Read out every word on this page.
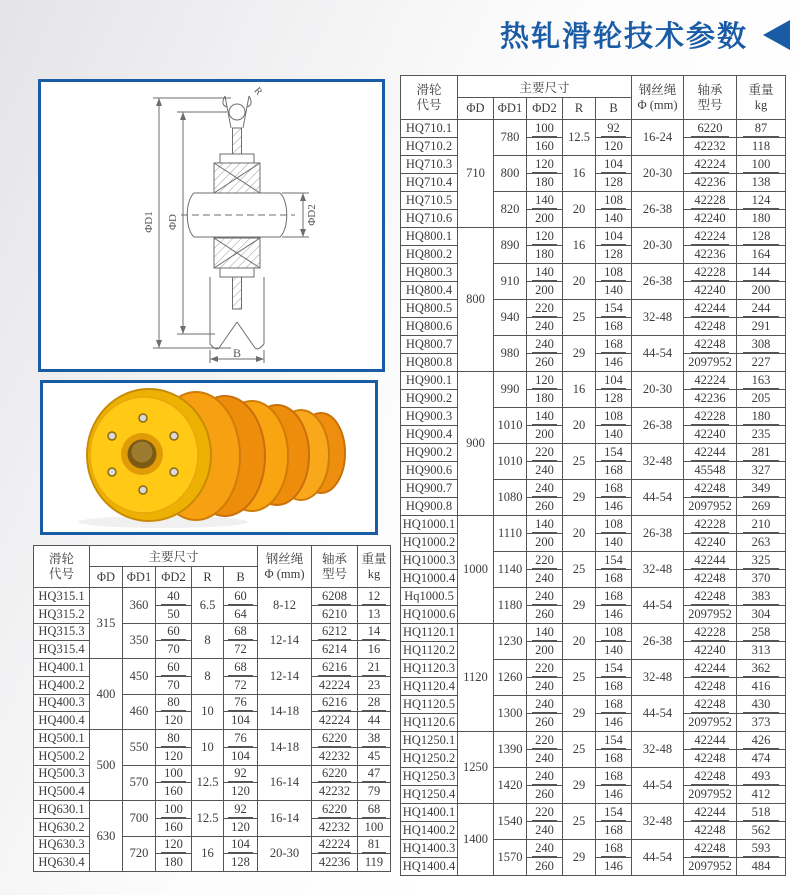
热轧滑轮技术参数
ΦD1 ΦD	ΦD2
R
B
滑轮
代号
	主要尺寸	钢丝绳
Φ (mm)

轴承
型号

重量
kg

	ΦD	ΦD1	ΦD2	R	B			
HQ315.1	315	360	40	6.5	60	8-12	6208	12
HQ315.2			50		64		6210	13
HQ315.3		350	60	8	68	12-14	6212	14
HQ315.4			70		72		6214	16
HQ400.1	400	450	60	8	68	12-14	6216	21
HQ400.2			70		72		42224	23
HQ400.3		460	80	10	76	14-18	6216	28
HQ400.4			120		104		42224	44
HQ500.1	500	550	80	10	76	14-18	6220	38
HQ500.2			120		104		42232	45
HQ500.3		570	100	12.5	92	16-14	6220	47
HQ500.4			160		120		42232	79
HQ630.1	630	700	100	12.5	92	16-14	6220	68
HQ630.2			160		120		42232	100
HQ630.3		720	120	16	104	20-30	42224	81
HQ630.4			180		128		42236	119
滑轮
代号
	主要尺寸	钢丝绳
Φ (mm)

轴承
型号

重量
kg

	ΦD	ΦD1	ΦD2	R	B			
HQ710.1	710	780	100	12.5	92	16-24	6220	87
HQ710.2			160		120		42232	118
HQ710.3		800	120	16	104	20-30	42224	100
HQ710.4			180		128		42236	138
HQ710.5		820	140	20	108	26-38	42228	124
HQ710.6			200		140		42240	180
HQ800.1	800	890	120	16	104	20-30	42224	128
HQ800.2			180		128		42236	164
HQ800.3		910	140	20	108	26-38	42228	144
HQ800.4			200		140		42240	200
HQ800.5		940	220	25	154	32-48	42244	244
HQ800.6			240		168		42248	291
HQ800.7		980	240	29	168	44-54	42248	308
HQ800.8			260		146		2097952	227
HQ900.1	900	990	120	16	104	20-30	42224	163
HQ900.2			180		128		42236	205
HQ900.3		1010	140	20	108	26-38	42228	180
HQ900.4			200		140		42240	235
HQ900.2		1010	220	25	154	32-48	42244	281
HQ900.6			240		168		45548	327
HQ900.7		1080	240	29	168	44-54	42248	349
HQ900.8			260		146		2097952	269
HQ1000.1	1000	1110	140	20	108	26-38	42228	210
HQ1000.2			200		140		42240	263
HQ1000.3		1140	220	25	154	32-48	42244	325
HQ1000.4			240		168		42248	370
Hq1000.5		1180	240	29	168	44-54	42248	383
HQ1000.6			260		146		2097952	304
HQ1120.1	1120	1230	140	20	108	26-38	42228	258
HQ1120.2			200		140		42240	313
HQ1120.3		1260	220	25	154	32-48	42244	362
HQ1120.4			240		168		42248	416
HQ1120.5		1300	240	29	168	44-54	42248	430
HQ1120.6			260		146		2097952	373
HQ1250.1	1250	1390	220	25	154	32-48	42244	426
HQ1250.2			240		168		42248	474
HQ1250.3		1420	240	29	168	44-54	42248	493
HQ1250.4			260		146		2097952	412
HQ1400.1	1400	1540	220	25	154	32-48	42244	518
HQ1400.2			240		168		42248	562
HQ1400.3		1570	240	29	168	44-54	42248	593
HQ1400.4			260		146		2097952	484
